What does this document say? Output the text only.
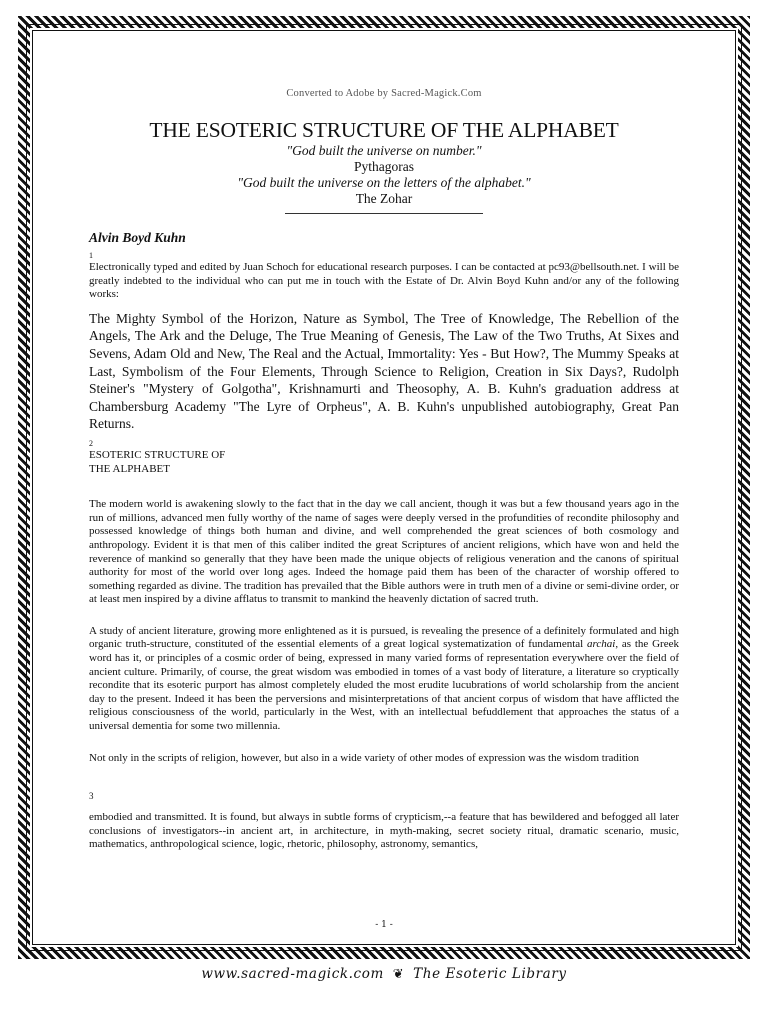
Converted to Adobe by Sacred-Magick.Com

THE ESOTERIC STRUCTURE OF THE ALPHABET
"God built the universe on number."
Pythagoras
"God built the universe on the letters of the alphabet."
The Zohar

Alvin Boyd Kuhn

1

Electronically typed and edited by Juan Schoch for educational research purposes. I can be contacted at pc93@bellsouth.net. I will be greatly indebted to the individual who can put me in touch with the Estate of Dr. Alvin Boyd Kuhn and/or any of the following works:

The Mighty Symbol of the Horizon, Nature as Symbol, The Tree of Knowledge, The Rebellion of the Angels, The Ark and the Deluge, The True Meaning of Genesis, The Law of the Two Truths, At Sixes and Sevens, Adam Old and New, The Real and the Actual, Immortality: Yes - But How?, The Mummy Speaks at Last, Symbolism of the Four Elements, Through Science to Religion, Creation in Six Days?, Rudolph Steiner's "Mystery of Golgotha", Krishnamurti and Theosophy, A. B. Kuhn's graduation address at Chambersburg Academy "The Lyre of Orpheus", A. B. Kuhn's unpublished autobiography, Great Pan Returns.

2

ESOTERIC STRUCTURE OF
THE ALPHABET

The modern world is awakening slowly to the fact that in the day we call ancient, though it was but a few thousand years ago in the run of millions, advanced men fully worthy of the name of sages were deeply versed in the profundities of recondite philosophy and possessed knowledge of things both human and divine, and well comprehended the great sciences of both cosmology and anthropology. Evident it is that men of this caliber indited the great Scriptures of ancient religions, which have won and held the reverence of mankind so generally that they have been made the unique objects of religious veneration and the canons of spiritual authority for most of the world over long ages. Indeed the homage paid them has been of the character of worship offered to something regarded as divine. The tradition has prevailed that the Bible authors were in truth men of a divine or semi-divine order, or at least men inspired by a divine afflatus to transmit to mankind the heavenly dictation of sacred truth.

A study of ancient literature, growing more enlightened as it is pursued, is revealing the presence of a definitely formulated and high organic truth-structure, constituted of the essential elements of a great logical systematization of fundamental archai, as the Greek word has it, or principles of a cosmic order of being, expressed in many varied forms of representation everywhere over the field of ancient culture. Primarily, of course, the great wisdom was embodied in tomes of a vast body of literature, a literature so cryptically recondite that its esoteric purport has almost completely eluded the most erudite lucubrations of world scholarship from the ancient day to the present. Indeed it has been the perversions and misinterpretations of that ancient corpus of wisdom that have afflicted the religious consciousness of the world, particularly in the West, with an intellectual befuddlement that approaches the status of a universal dementia for some two millennia.

Not only in the scripts of religion, however, but also in a wide variety of other modes of expression was the wisdom tradition

3

embodied and transmitted. It is found, but always in subtle forms of crypticism,--a feature that has bewildered and befogged all later conclusions of investigators--in ancient art, in architecture, in myth-making, secret society ritual, dramatic scenario, music, mathematics, anthropological science, logic, rhetoric, philosophy, astronomy, semantics,

- 1 -
www.sacred-magick.com ❦ The Esoteric Library
